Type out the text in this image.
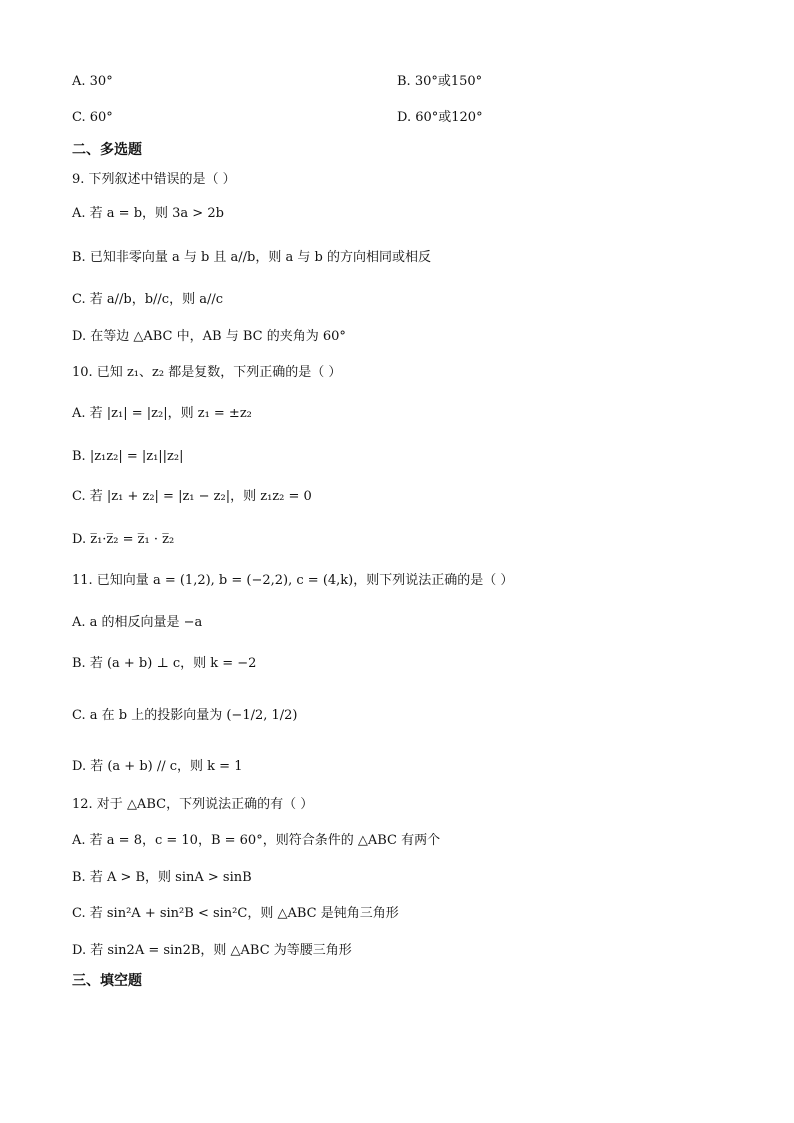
A. 30°	B. 30°或150°
C. 60°	D. 60°或120°
二、多选题
9. 下列叙述中错误的是（ ）
A. 若 a = b，则 3a > 2b
B. 已知非零向量 a 与 b 且 a//b，则 a 与 b 的方向相同或相反
C. 若 a//b，b//c，则 a//c
D. 在等边 △ABC 中，AB 与 BC 的夹角为 60°
10. 已知 z₁、z₂ 都是复数，下列正确的是（ ）
A. 若 |z₁| = |z₂|，则 z₁ = ±z₂
B. |z₁z₂| = |z₁||z₂|
C. 若 |z₁ + z₂| = |z₁ − z₂|，则 z₁z₂ = 0
D. z̅₁·z̅₂ = z̅₁ · z̅₂
11. 已知向量 a = (1,2), b = (−2,2), c = (4,k)，则下列说法正确的是（ ）
A. a 的相反向量是 −a
B. 若 (a + b) ⊥ c，则 k = −2
C. a 在 b 上的投影向量为 (−1/2, 1/2)
D. 若 (a + b) // c，则 k = 1
12. 对于 △ABC，下列说法正确的有（ ）
A. 若 a = 8，c = 10，B = 60°，则符合条件的 △ABC 有两个
B. 若 A > B，则 sinA > sinB
C. 若 sin²A + sin²B < sin²C，则 △ABC 是钝角三角形
D. 若 sin2A = sin2B，则 △ABC 为等腰三角形
三、填空题
